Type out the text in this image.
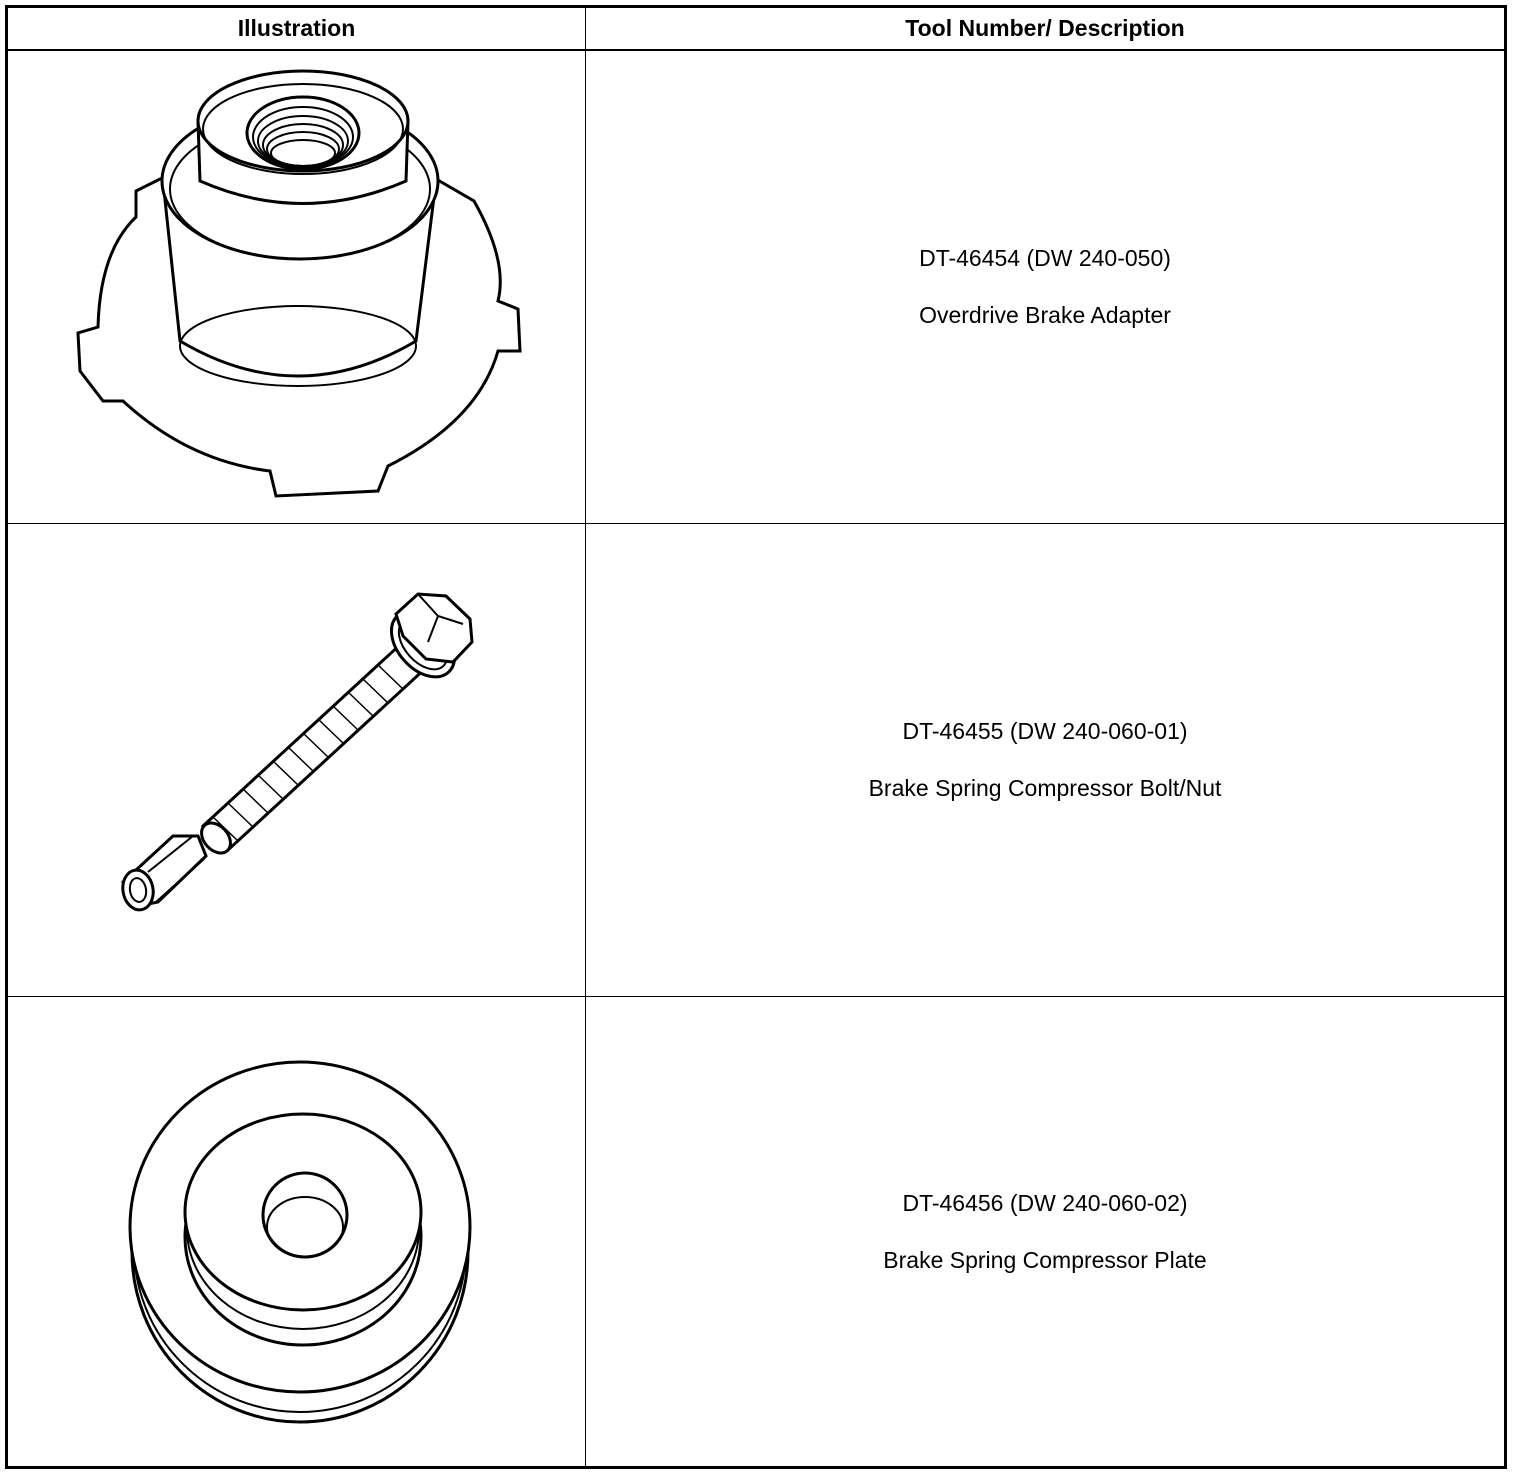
Illustration	Tool Number/ Description
DT-46454 (DW 240-050)
Overdrive Brake Adapter
DT-46455 (DW 240-060-01)
Brake Spring Compressor Bolt/Nut
DT-46456 (DW 240-060-02)
Brake Spring Compressor Plate
